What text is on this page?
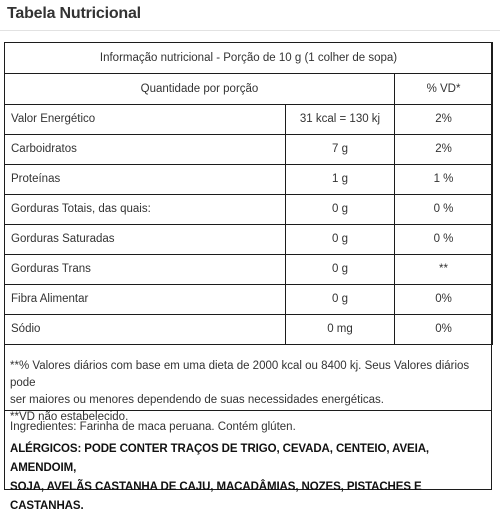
Tabela Nutricional
Informação nutricional - Porção de 10 g (1 colher de sopa)		
Quantidade por porção		% VD*
Valor Energético	31 kcal = 130 kj	2%
Carboidratos	7 g	2%
Proteínas	1 g	1 %
Gorduras Totais, das quais:	0 g	0 %
Gorduras Saturadas	0 g	0 %
Gorduras Trans	0 g	**
Fibra Alimentar	0 g	0%
Sódio	0 mg	0%

**% Valores diários com base em uma dieta de 2000 kcal ou 8400 kj. Seus Valores diários pode

ser maiores ou menores dependendo de suas necessidades energéticas.

**VD não estabelecido.

Ingredientes: Farinha de maca peruana. Contém glúten.

ALÉRGICOS: PODE CONTER TRAÇOS DE TRIGO, CEVADA, CENTEIO, AVEIA, AMENDOIM,

SOJA, AVELÃS CASTANHA DE CAJU, MACADÂMIAS, NOZES, PISTACHES E CASTANHAS.
